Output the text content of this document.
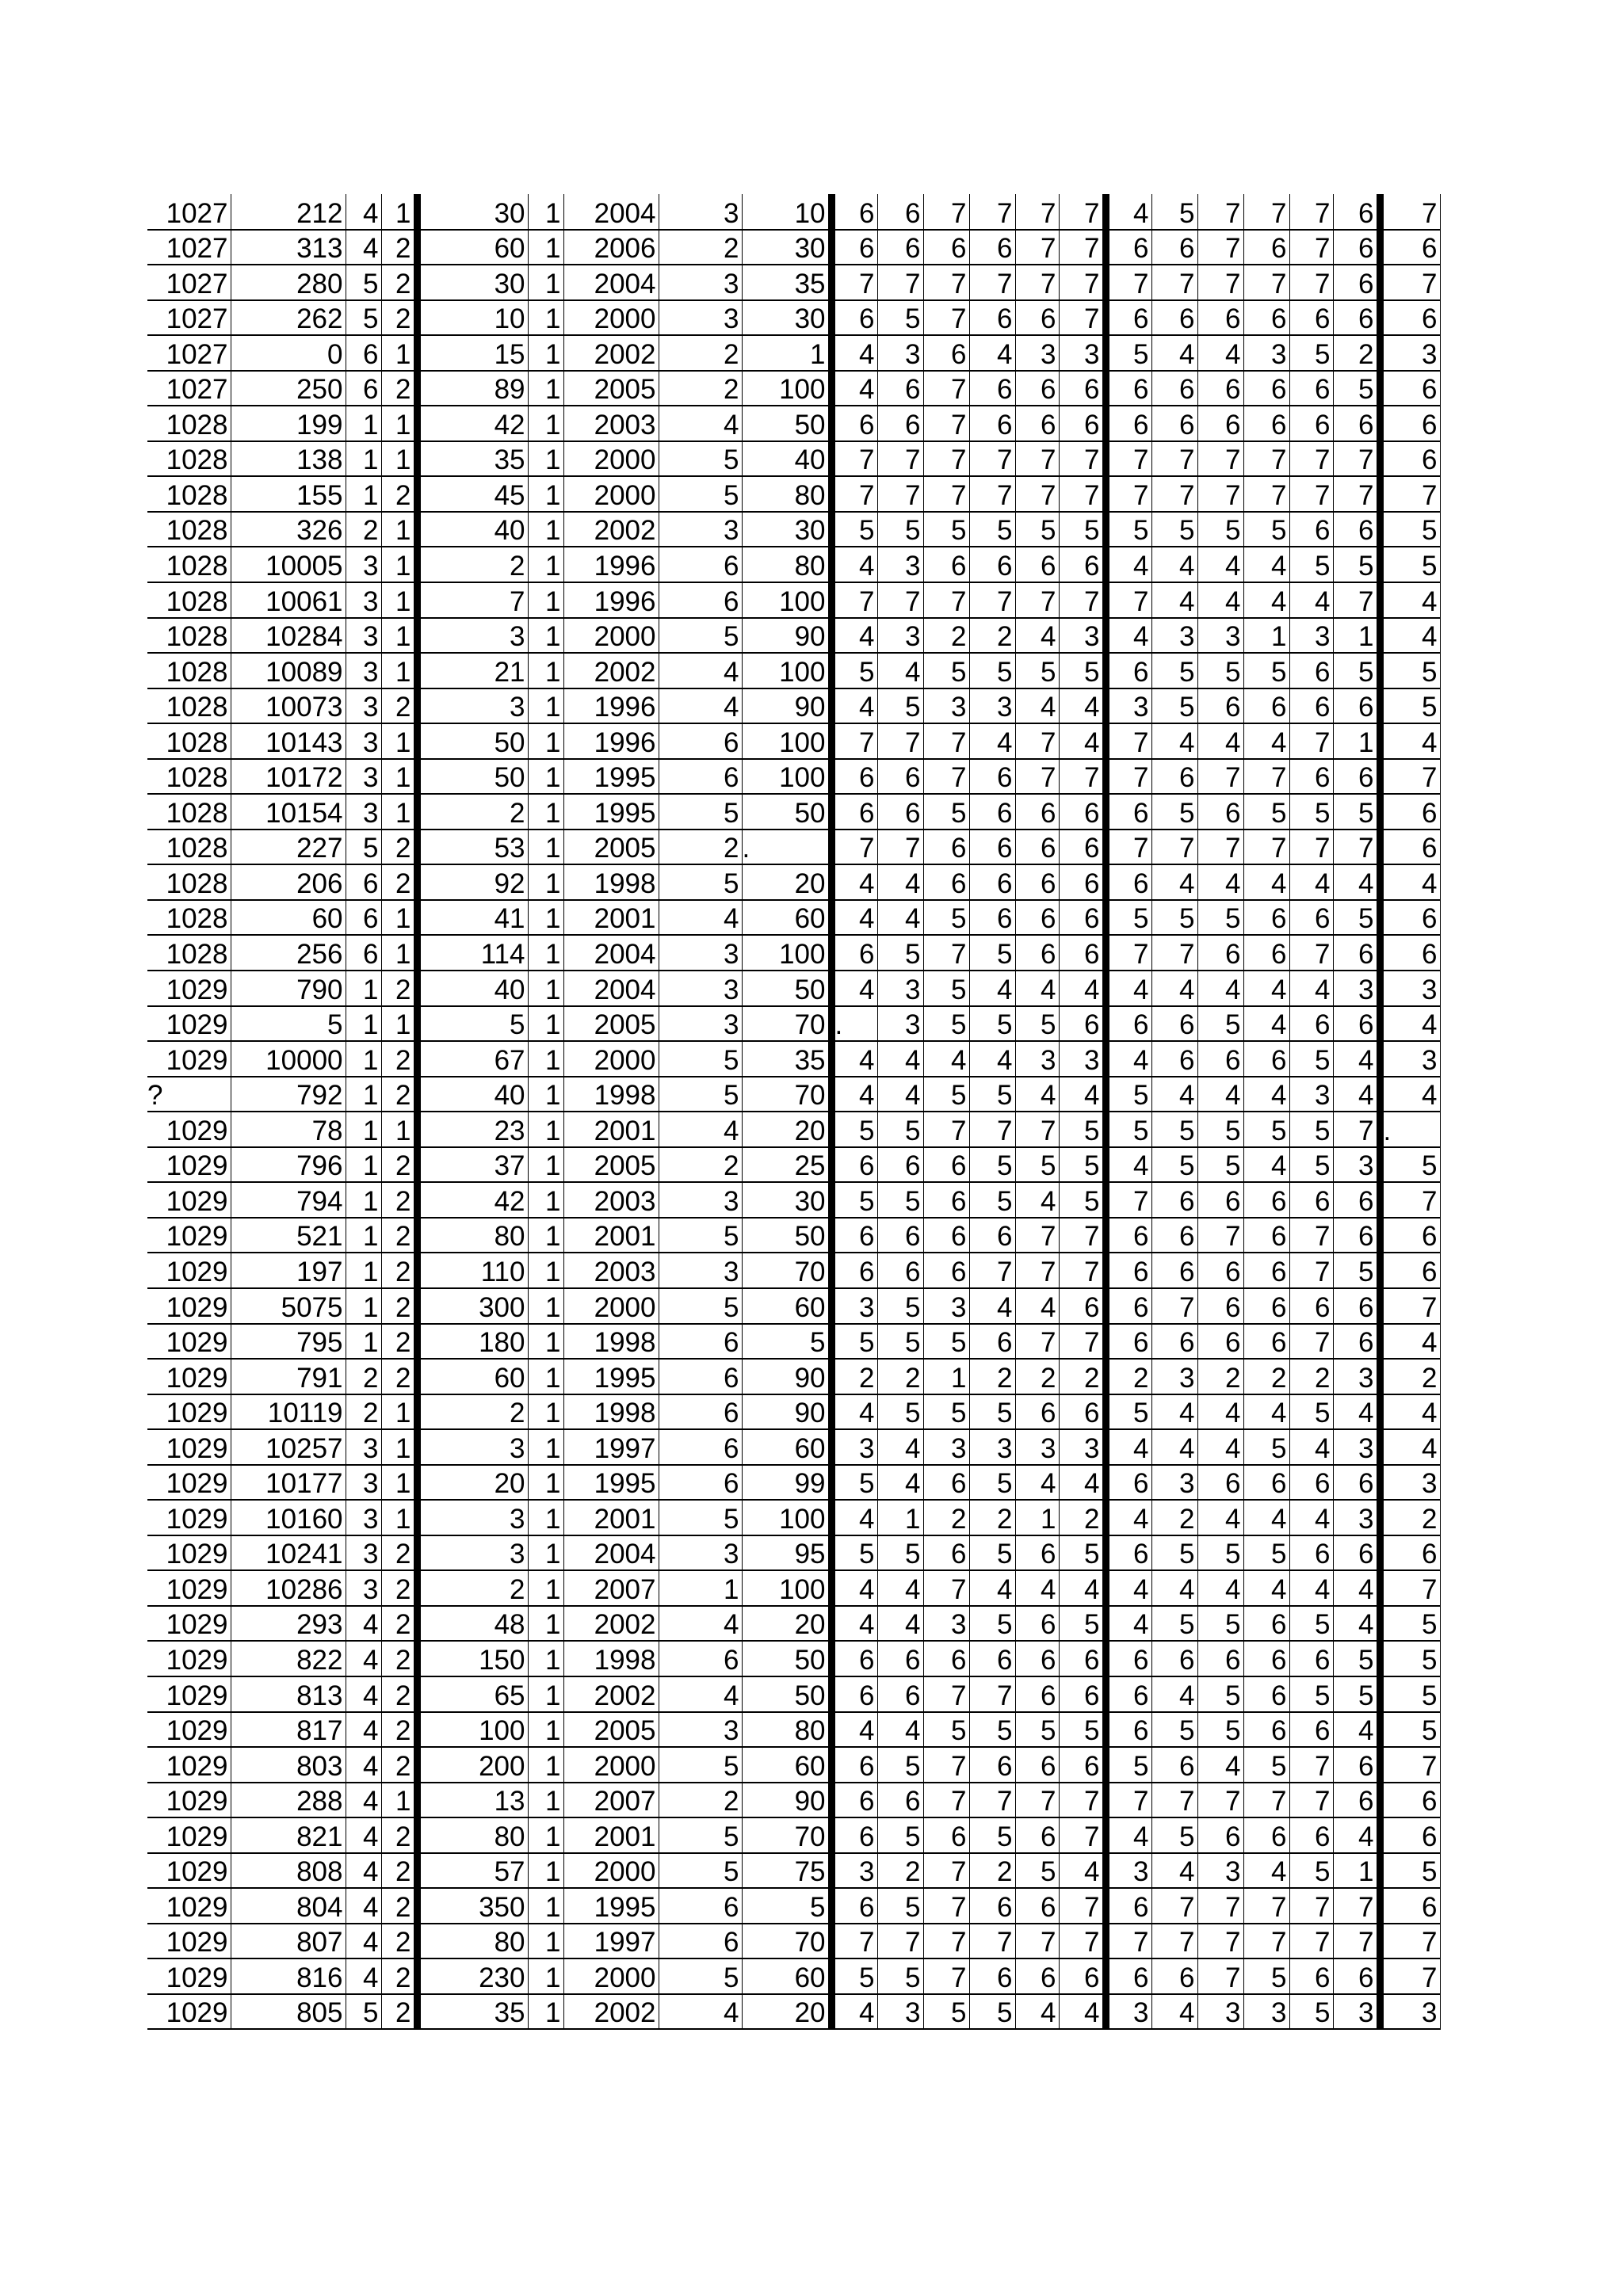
1027	212	4	1	30	1	2004	3	10	6	6	7	7	7	7	4	5	7	7	7	6	7
1027	313	4	2	60	1	2006	2	30	6	6	6	6	7	7	6	6	7	6	7	6	6
1027	280	5	2	30	1	2004	3	35	7	7	7	7	7	7	7	7	7	7	7	6	7
1027	262	5	2	10	1	2000	3	30	6	5	7	6	6	7	6	6	6	6	6	6	6
1027	0	6	1	15	1	2002	2	1	4	3	6	4	3	3	5	4	4	3	5	2	3
1027	250	6	2	89	1	2005	2	100	4	6	7	6	6	6	6	6	6	6	6	5	6
1028	199	1	1	42	1	2003	4	50	6	6	7	6	6	6	6	6	6	6	6	6	6
1028	138	1	1	35	1	2000	5	40	7	7	7	7	7	7	7	7	7	7	7	7	6
1028	155	1	2	45	1	2000	5	80	7	7	7	7	7	7	7	7	7	7	7	7	7
1028	326	2	1	40	1	2002	3	30	5	5	5	5	5	5	5	5	5	5	6	6	5
1028	10005	3	1	2	1	1996	6	80	4	3	6	6	6	6	4	4	4	4	5	5	5
1028	10061	3	1	7	1	1996	6	100	7	7	7	7	7	7	7	4	4	4	4	7	4
1028	10284	3	1	3	1	2000	5	90	4	3	2	2	4	3	4	3	3	1	3	1	4
1028	10089	3	1	21	1	2002	4	100	5	4	5	5	5	5	6	5	5	5	6	5	5
1028	10073	3	2	3	1	1996	4	90	4	5	3	3	4	4	3	5	6	6	6	6	5
1028	10143	3	1	50	1	1996	6	100	7	7	7	4	7	4	7	4	4	4	7	1	4
1028	10172	3	1	50	1	1995	6	100	6	6	7	6	7	7	7	6	7	7	6	6	7
1028	10154	3	1	2	1	1995	5	50	6	6	5	6	6	6	6	5	6	5	5	5	6
1028	227	5	2	53	1	2005	2	.	7	7	6	6	6	6	7	7	7	7	7	7	6
1028	206	6	2	92	1	1998	5	20	4	4	6	6	6	6	6	4	4	4	4	4	4
1028	60	6	1	41	1	2001	4	60	4	4	5	6	6	6	5	5	5	6	6	5	6
1028	256	6	1	114	1	2004	3	100	6	5	7	5	6	6	7	7	6	6	7	6	6
1029	790	1	2	40	1	2004	3	50	4	3	5	4	4	4	4	4	4	4	4	3	3
1029	5	1	1	5	1	2005	3	70	.	3	5	5	5	6	6	6	5	4	6	6	4
1029	10000	1	2	67	1	2000	5	35	4	4	4	4	3	3	4	6	6	6	5	4	3
?	792	1	2	40	1	1998	5	70	4	4	5	5	4	4	5	4	4	4	3	4	4
1029	78	1	1	23	1	2001	4	20	5	5	7	7	7	5	5	5	5	5	5	7	.
1029	796	1	2	37	1	2005	2	25	6	6	6	5	5	5	4	5	5	4	5	3	5
1029	794	1	2	42	1	2003	3	30	5	5	6	5	4	5	7	6	6	6	6	6	7
1029	521	1	2	80	1	2001	5	50	6	6	6	6	7	7	6	6	7	6	7	6	6
1029	197	1	2	110	1	2003	3	70	6	6	6	7	7	7	6	6	6	6	7	5	6
1029	5075	1	2	300	1	2000	5	60	3	5	3	4	4	6	6	7	6	6	6	6	7
1029	795	1	2	180	1	1998	6	5	5	5	5	6	7	7	6	6	6	6	7	6	4
1029	791	2	2	60	1	1995	6	90	2	2	1	2	2	2	2	3	2	2	2	3	2
1029	10119	2	1	2	1	1998	6	90	4	5	5	5	6	6	5	4	4	4	5	4	4
1029	10257	3	1	3	1	1997	6	60	3	4	3	3	3	3	4	4	4	5	4	3	4
1029	10177	3	1	20	1	1995	6	99	5	4	6	5	4	4	6	3	6	6	6	6	3
1029	10160	3	1	3	1	2001	5	100	4	1	2	2	1	2	4	2	4	4	4	3	2
1029	10241	3	2	3	1	2004	3	95	5	5	6	5	6	5	6	5	5	5	6	6	6
1029	10286	3	2	2	1	2007	1	100	4	4	7	4	4	4	4	4	4	4	4	4	7
1029	293	4	2	48	1	2002	4	20	4	4	3	5	6	5	4	5	5	6	5	4	5
1029	822	4	2	150	1	1998	6	50	6	6	6	6	6	6	6	6	6	6	6	5	5
1029	813	4	2	65	1	2002	4	50	6	6	7	7	6	6	6	4	5	6	5	5	5
1029	817	4	2	100	1	2005	3	80	4	4	5	5	5	5	6	5	5	6	6	4	5
1029	803	4	2	200	1	2000	5	60	6	5	7	6	6	6	5	6	4	5	7	6	7
1029	288	4	1	13	1	2007	2	90	6	6	7	7	7	7	7	7	7	7	7	6	6
1029	821	4	2	80	1	2001	5	70	6	5	6	5	6	7	4	5	6	6	6	4	6
1029	808	4	2	57	1	2000	5	75	3	2	7	2	5	4	3	4	3	4	5	1	5
1029	804	4	2	350	1	1995	6	5	6	5	7	6	6	7	6	7	7	7	7	7	6
1029	807	4	2	80	1	1997	6	70	7	7	7	7	7	7	7	7	7	7	7	7	7
1029	816	4	2	230	1	2000	5	60	5	5	7	6	6	6	6	6	7	5	6	6	7
1029	805	5	2	35	1	2002	4	20	4	3	5	5	4	4	3	4	3	3	5	3	3
